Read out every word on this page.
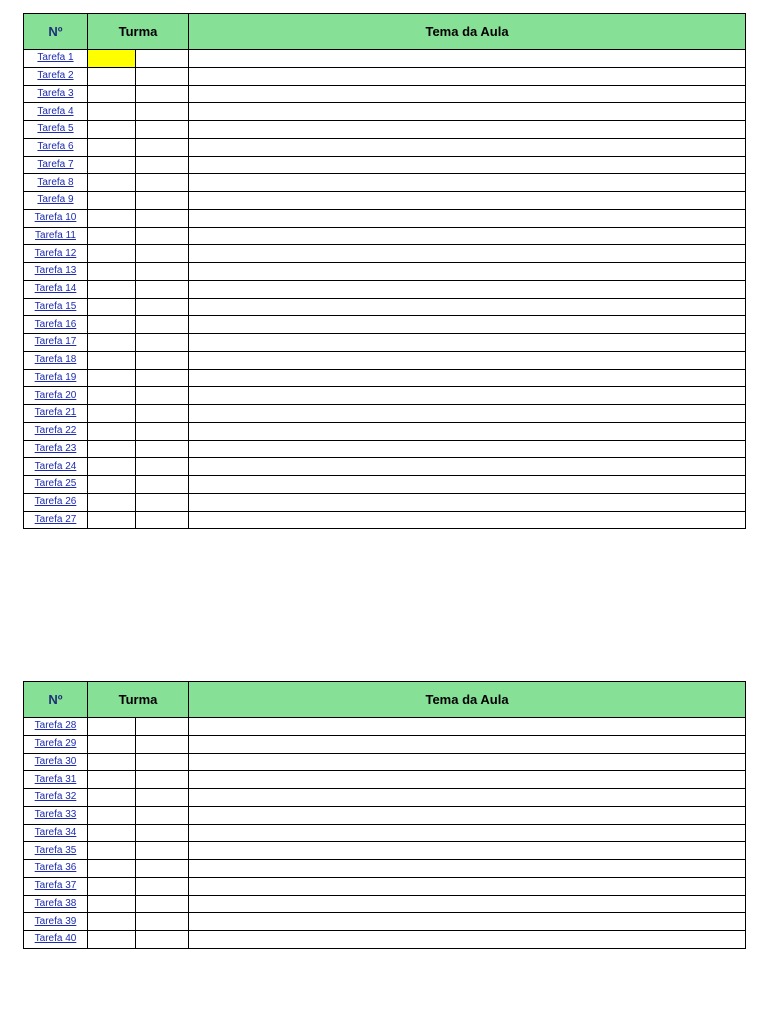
Nº	Turma		Tema da Aula
Tarefa 1			
Tarefa 2			
Tarefa 3			
Tarefa 4			
Tarefa 5			
Tarefa 6			
Tarefa 7			
Tarefa 8			
Tarefa 9			
Tarefa 10			
Tarefa 11			
Tarefa 12			
Tarefa 13			
Tarefa 14			
Tarefa 15			
Tarefa 16			
Tarefa 17			
Tarefa 18			
Tarefa 19			
Tarefa 20			
Tarefa 21			
Tarefa 22			
Tarefa 23			
Tarefa 24			
Tarefa 25			
Tarefa 26			
Tarefa 27			
Nº	Turma		Tema da Aula
Tarefa 28			
Tarefa 29			
Tarefa 30			
Tarefa 31			
Tarefa 32			
Tarefa 33			
Tarefa 34			
Tarefa 35			
Tarefa 36			
Tarefa 37			
Tarefa 38			
Tarefa 39			
Tarefa 40			
